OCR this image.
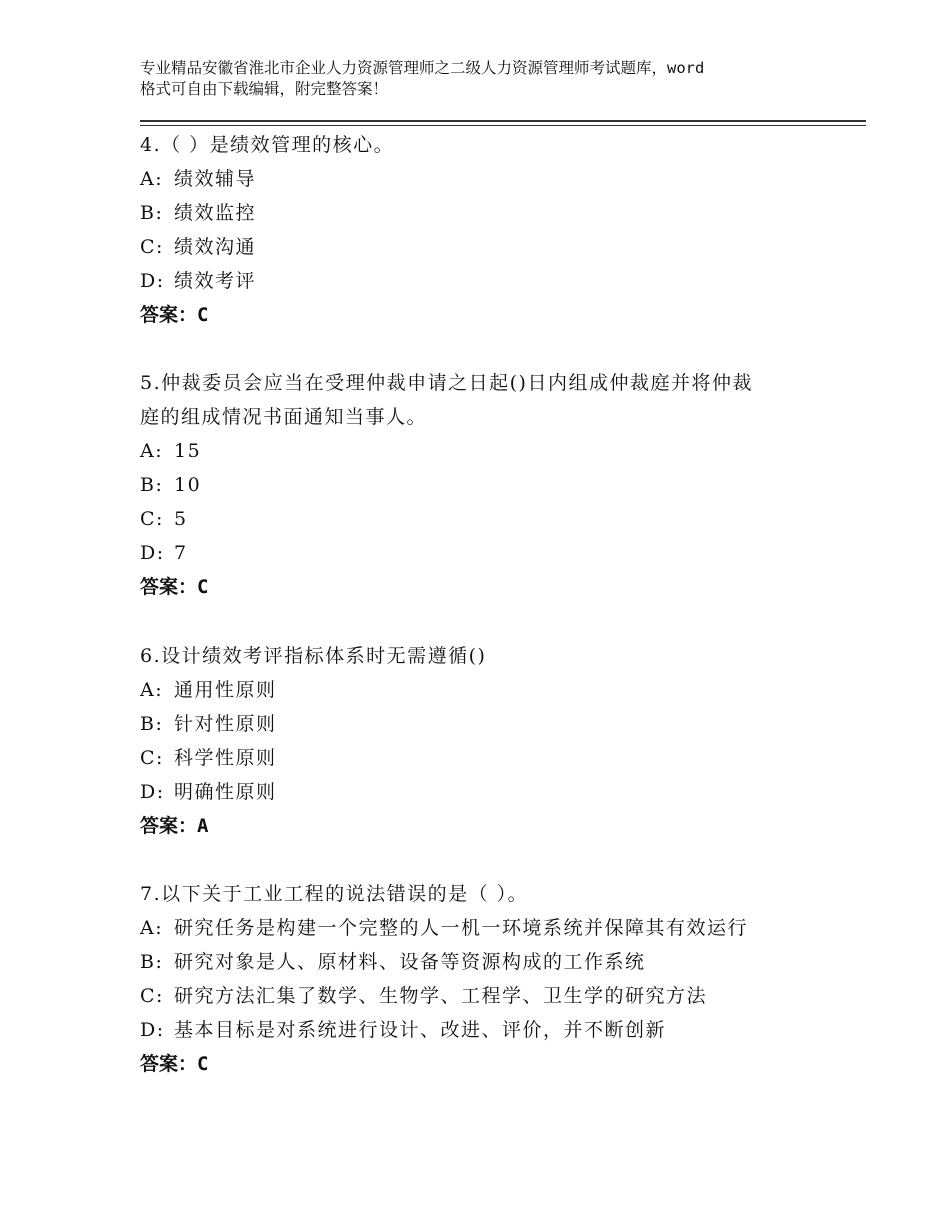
专业精品安徽省淮北市企业人力资源管理师之二级人力资源管理师考试题库，word
格式可自由下载编辑，附完整答案！

4.（ ）是绩效管理的核心。

A: 绩效辅导

B: 绩效监控

C: 绩效沟通

D: 绩效考评

答案：C

5.仲裁委员会应当在受理仲裁申请之日起()日内组成仲裁庭并将仲裁

庭的组成情况书面通知当事人。

A: 15

B: 10

C: 5

D: 7

答案：C

6.设计绩效考评指标体系时无需遵循()

A: 通用性原则

B: 针对性原则

C: 科学性原则

D: 明确性原则

答案：A

7.以下关于工业工程的说法错误的是（ ）。

A: 研究任务是构建一个完整的人一机一环境系统并保障其有效运行

B: 研究对象是人、原材料、设备等资源构成的工作系统

C: 研究方法汇集了数学、生物学、工程学、卫生学的研究方法

D: 基本目标是对系统进行设计、改进、评价，并不断创新

答案：C
